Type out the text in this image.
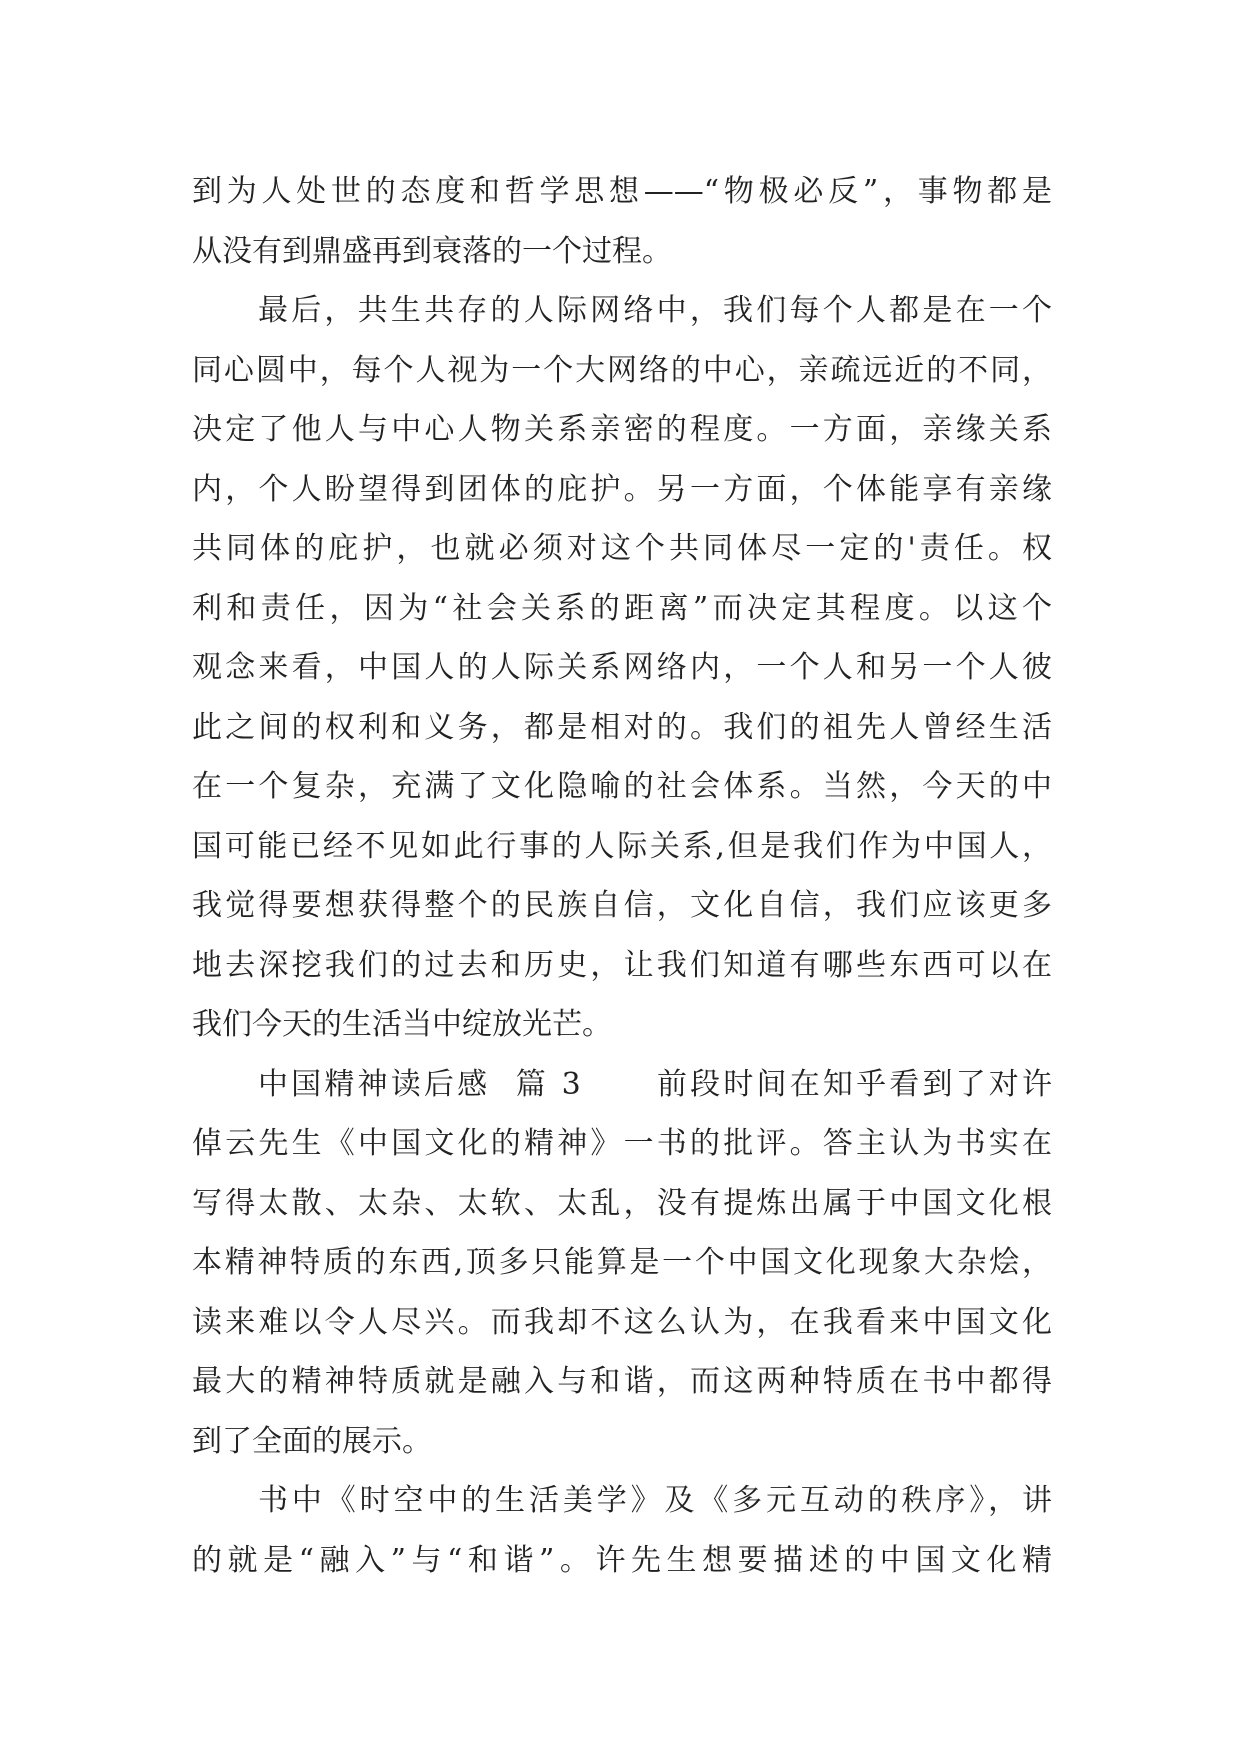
到为人处世的态度和哲学思想——“物极必反”，事物都是
从没有到鼎盛再到衰落的一个过程。
最后，共生共存的人际网络中，我们每个人都是在一个
同心圆中，每个人视为一个大网络的中心，亲疏远近的不同，
决定了他人与中心人物关系亲密的程度。一方面，亲缘关系
内，个人盼望得到团体的庇护。另一方面，个体能享有亲缘
共同体的庇护，也就必须对这个共同体尽一定的'责任。权
利和责任，因为“社会关系的距离”而决定其程度。以这个
观念来看，中国人的人际关系网络内，一个人和另一个人彼
此之间的权利和义务，都是相对的。我们的祖先人曾经生活
在一个复杂，充满了文化隐喻的社会体系。当然，今天的中
国可能已经不见如此行事的人际关系,但是我们作为中国人，
我觉得要想获得整个的民族自信，文化自信，我们应该更多
地去深挖我们的过去和历史，让我们知道有哪些东西可以在
我们今天的生活当中绽放光芒。
中国精神读后感  篇 3      前段时间在知乎看到了对许
倬云先生《中国文化的精神》一书的批评。答主认为书实在
写得太散、太杂、太软、太乱，没有提炼出属于中国文化根
本精神特质的东西,顶多只能算是一个中国文化现象大杂烩，
读来难以令人尽兴。而我却不这么认为，在我看来中国文化
最大的精神特质就是融入与和谐，而这两种特质在书中都得
到了全面的展示。
书中《时空中的生活美学》及《多元互动的秩序》，讲
的就是“融入”与“和谐”。许先生想要描述的中国文化精
